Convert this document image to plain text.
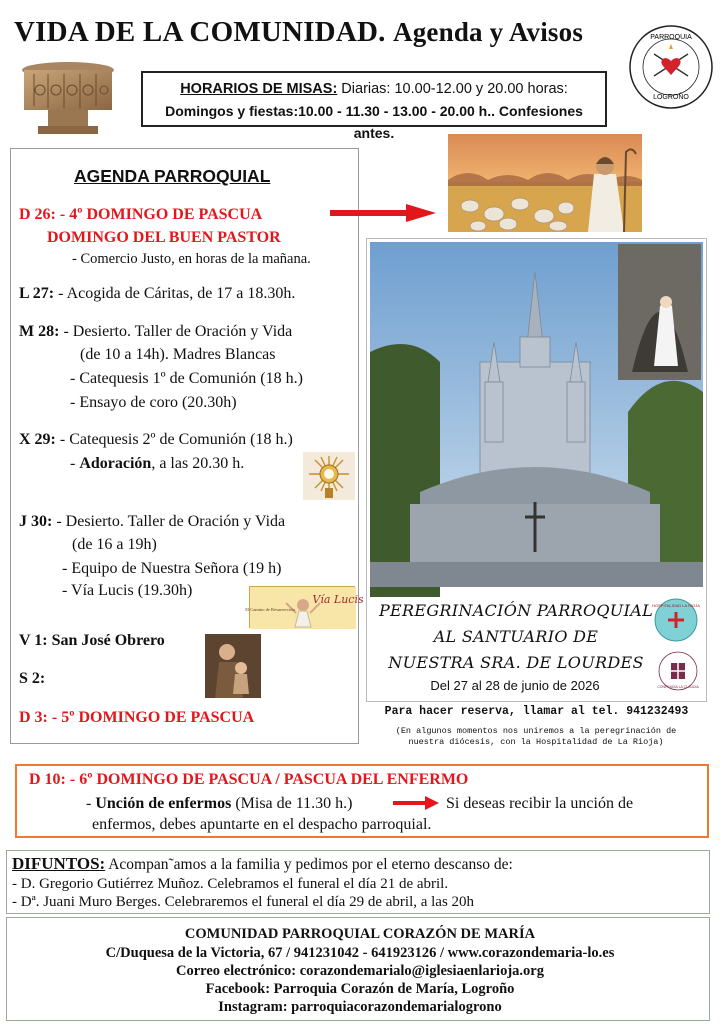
VIDA DE LA COMUNIDAD. Agenda y Avisos	PARROQUIA
LOGROÑO
HORARIOS DE MISAS: Diarias: 10.00-12.00 y 20.00 horas:
Domingos y fiestas:10.00 - 11.30 - 13.00 - 20.00 h.. Confesiones antes.
AGENDA PARROQUIAL
D 26: - 4º DOMINGO DE PASCUA
DOMINGO DEL BUEN PASTOR
- Comercio Justo, en horas de la mañana.
L 27: - Acogida de Cáritas, de 17 a 18.30h.
M 28: - Desierto. Taller de Oración y Vida
(de 10 a 14h). Madres Blancas
- Catequesis 1º de Comunión (18 h.)
- Ensayo de coro (20.30h)
X 29: - Catequesis 2º de Comunión (18 h.)
- Adoración, a las 20.30 h.
J 30: - Desierto. Taller de Oración y Vida
(de 16 a 19h)
- Equipo de Nuestra Señora (19 h)
- Vía Lucis (19.30h)
Vía Lucis
El Camino de Resurrección
V 1: San José Obrero
S 2:
D 3: - 5º DOMINGO DE PASCUA
PEREGRINACIÓN PARROQUIAL
AL SANTUARIO DE
NUESTRA SRA. DE LOURDES
Del 27 al 28 de junio de 2026
HOSPITALIDAD LA RIOJA
CONFRADÍA LA CLAUDIA
Para hacer reserva, llamar al tel. 941232493
(En algunos momentos nos uniremos a la peregrinación de nuestra diócesis, con la Hospitalidad de La Rioja)
D 10: - 6º DOMINGO DE PASCUA / PASCUA DEL ENFERMO
- Unción de enfermos (Misa de 11.30 h.)	Si deseas recibir la unción de
enfermos, debes apuntarte en el despacho parroquial.
DIFUNTOS: Acompan˜amos a la familia y pedimos por el eterno descanso de:
- D. Gregorio Gutiérrez Muñoz. Celebramos el funeral el día 21 de abril.
- Dª. Juani Muro Berges. Celebraremos el funeral el día 29 de abril, a las 20h
COMUNIDAD PARROQUIAL CORAZÓN DE MARÍA
C/Duquesa de la Victoria, 67 / 941231042 - 641923126 / www.corazondemaria-lo.es
Correo electrónico: corazondemarialo@iglesiaenlarioja.org
Facebook: Parroquia Corazón de María, Logroño
Instagram: parroquiacorazondemarialogrono
